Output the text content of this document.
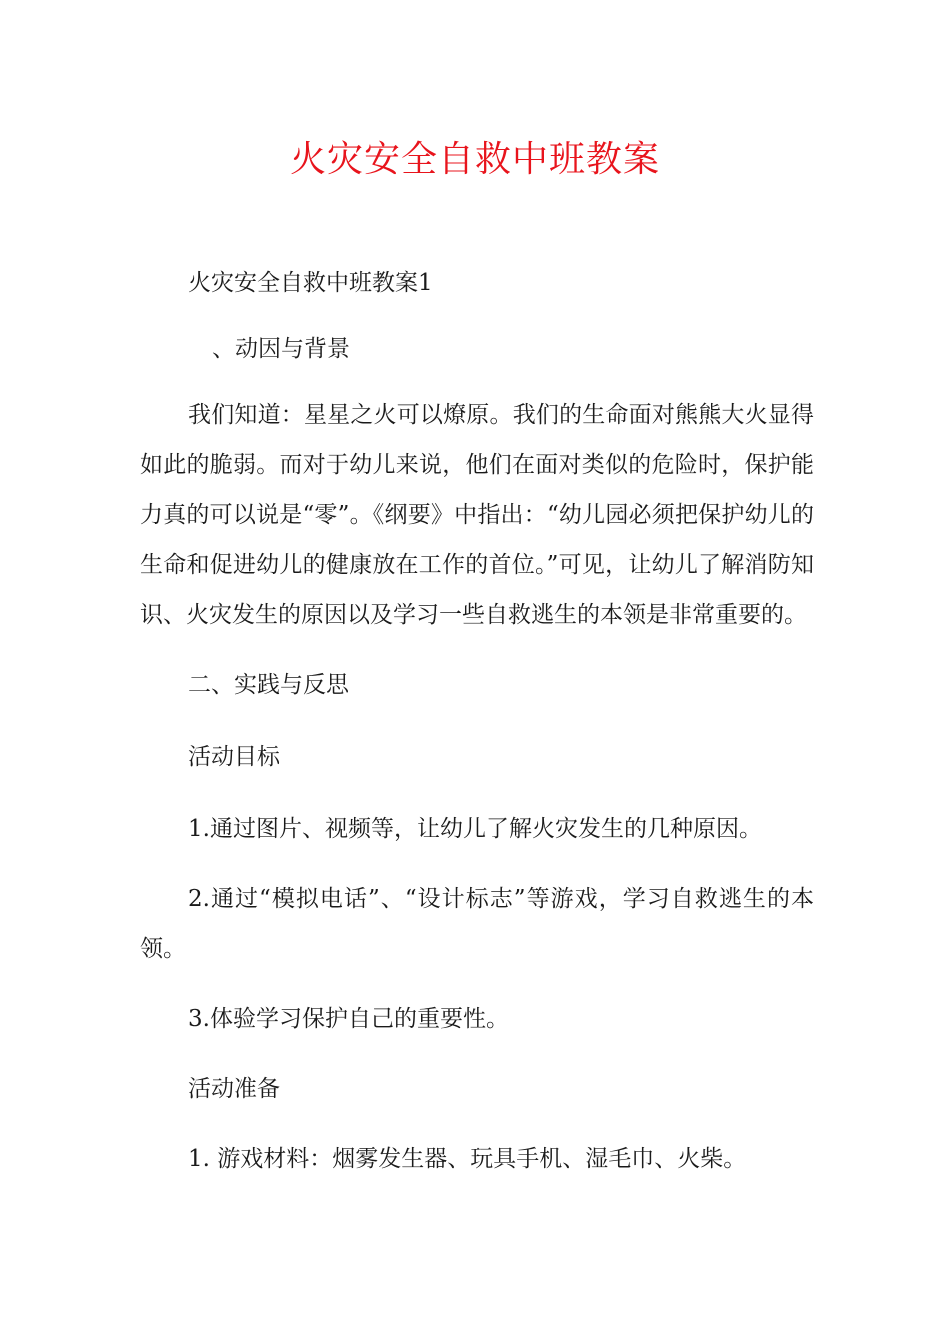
火灾安全自救中班教案

火灾安全自救中班教案1

、动因与背景

我们知道：星星之火可以燎原。我们的生命面对熊熊大火显得如此的脆弱。而对于幼儿来说，他们在面对类似的危险时，保护能力真的可以说是“零”。《纲要》中指出：“幼儿园必须把保护幼儿的生命和促进幼儿的健康放在工作的首位。”可见，让幼儿了解消防知识、火灾发生的原因以及学习一些自救逃生的本领是非常重要的。

二、实践与反思

活动目标

1.通过图片、视频等，让幼儿了解火灾发生的几种原因。

2.通过“模拟电话”、“设计标志”等游戏，学习自救逃生的本领。

3.体验学习保护自己的重要性。

活动准备

1. 游戏材料：烟雾发生器、玩具手机、湿毛巾、火柴。
